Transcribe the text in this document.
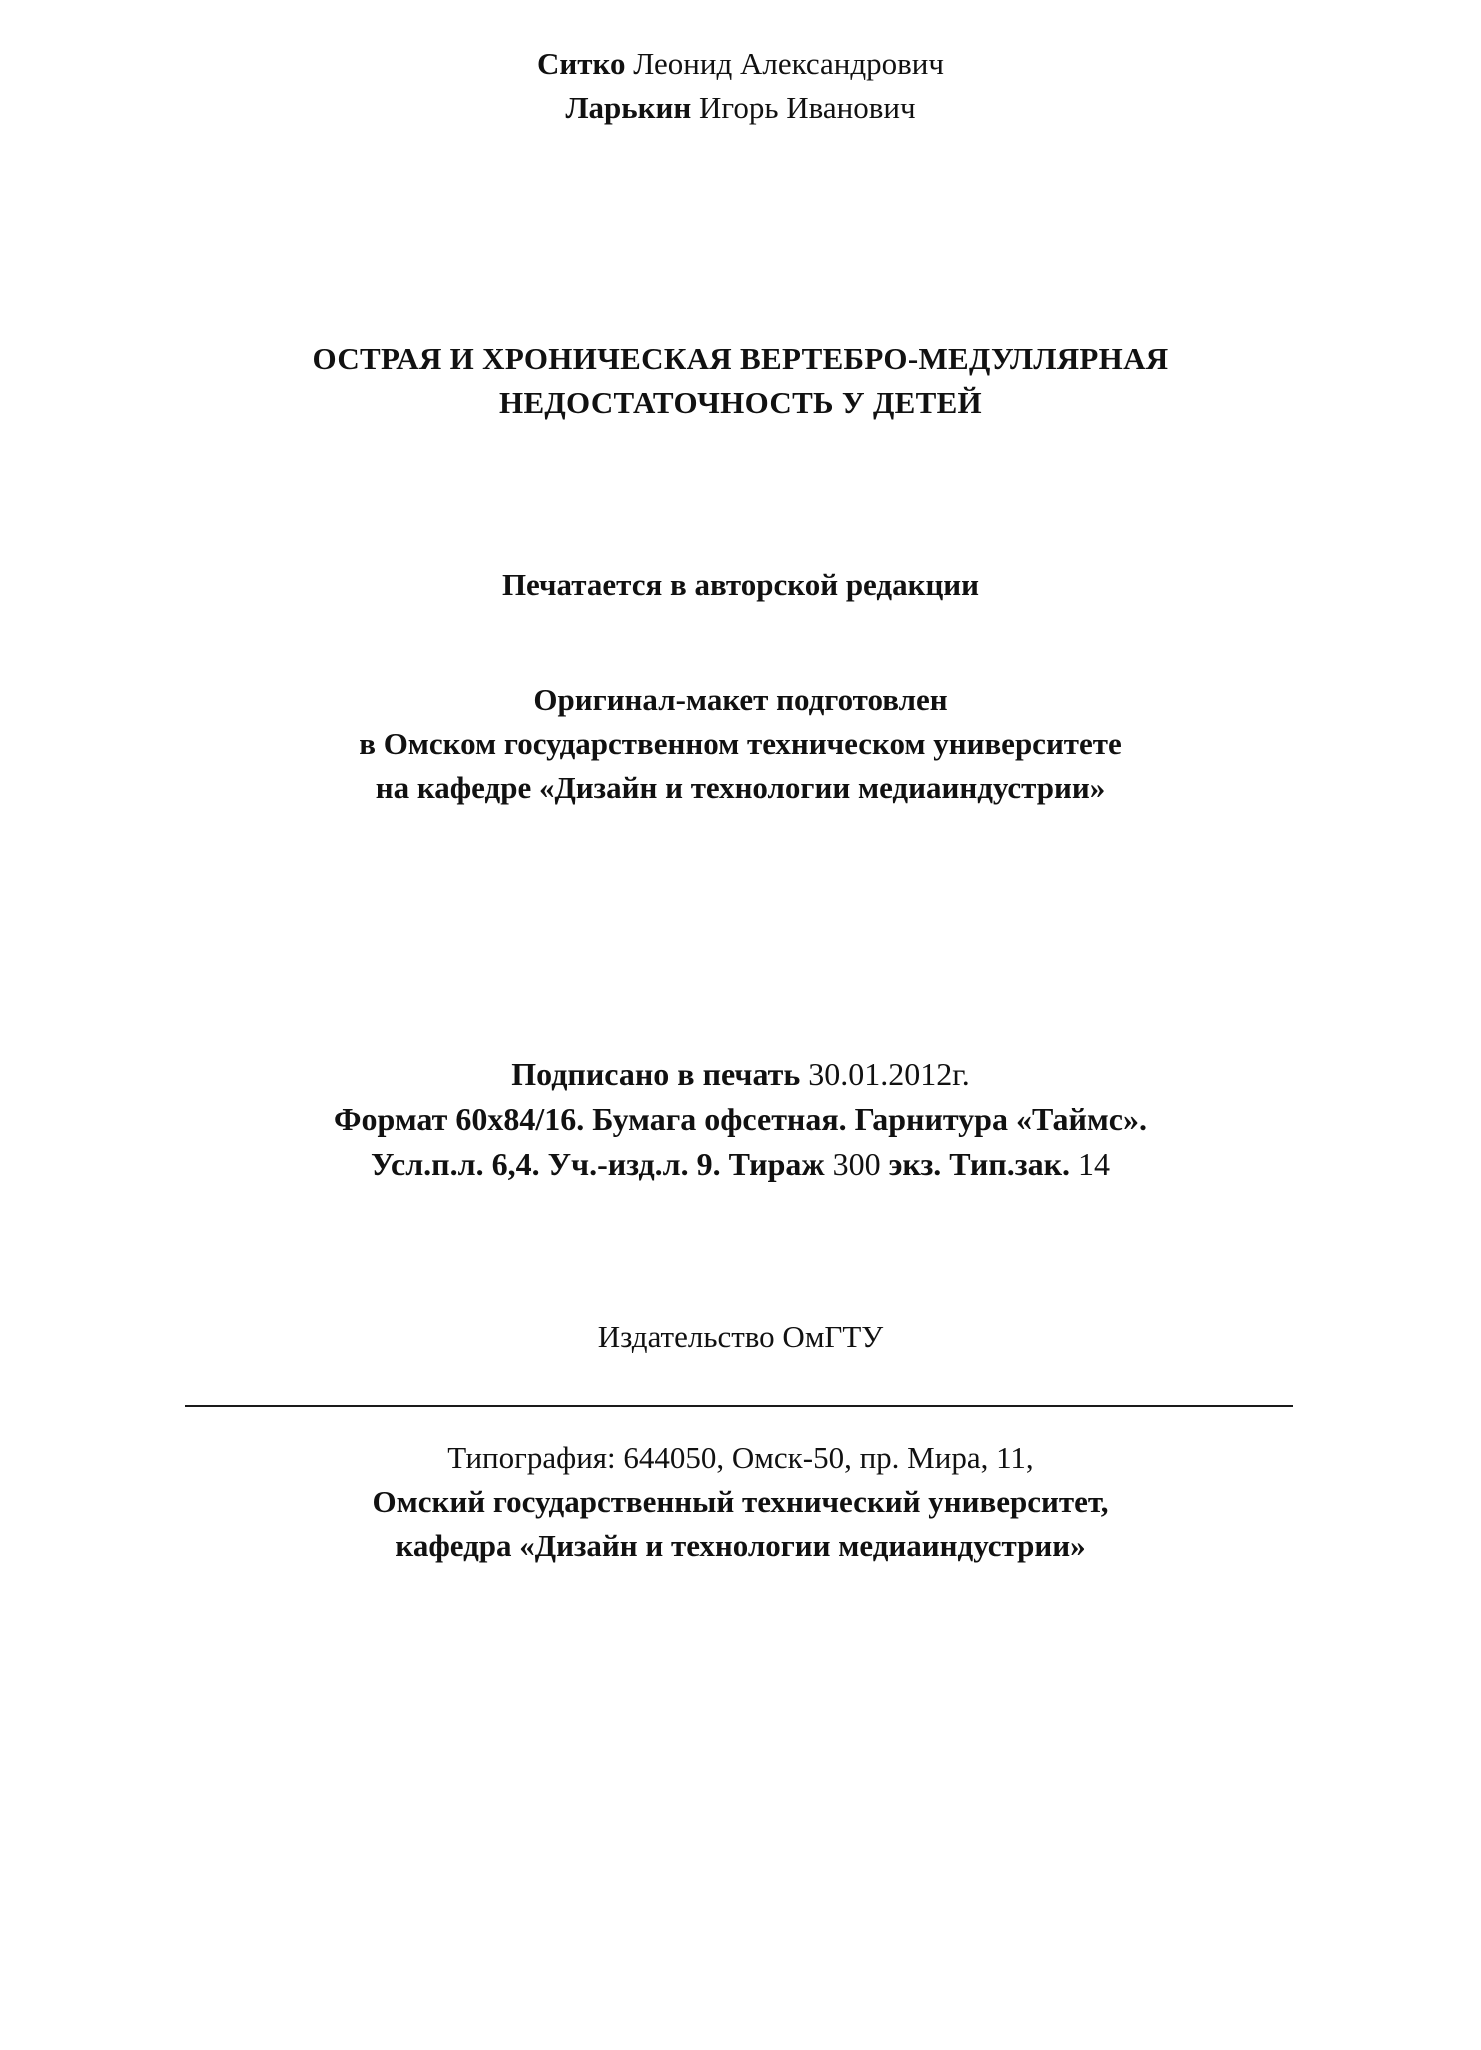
Ситко Леонид Александрович
Ларькин Игорь Иванович
ОСТРАЯ И ХРОНИЧЕСКАЯ ВЕРТЕБРО-МЕДУЛЛЯРНАЯ
НЕДОСТАТОЧНОСТЬ У ДЕТЕЙ
Печатается в авторской редакции
Оригинал-макет подготовлен
в Омском государственном техническом университете
на кафедре «Дизайн и технологии медиаиндустрии»
Подписано в печать 30.01.2012г.
Формат 60х84/16. Бумага офсетная. Гарнитура «Таймс».
Усл.п.л. 6,4. Уч.-изд.л. 9. Тираж 300 экз. Тип.зак. 14
Издательство ОмГТУ
Типография: 644050, Омск-50, пр. Мира, 11,
Омский государственный технический университет,
кафедра «Дизайн и технологии медиаиндустрии»
